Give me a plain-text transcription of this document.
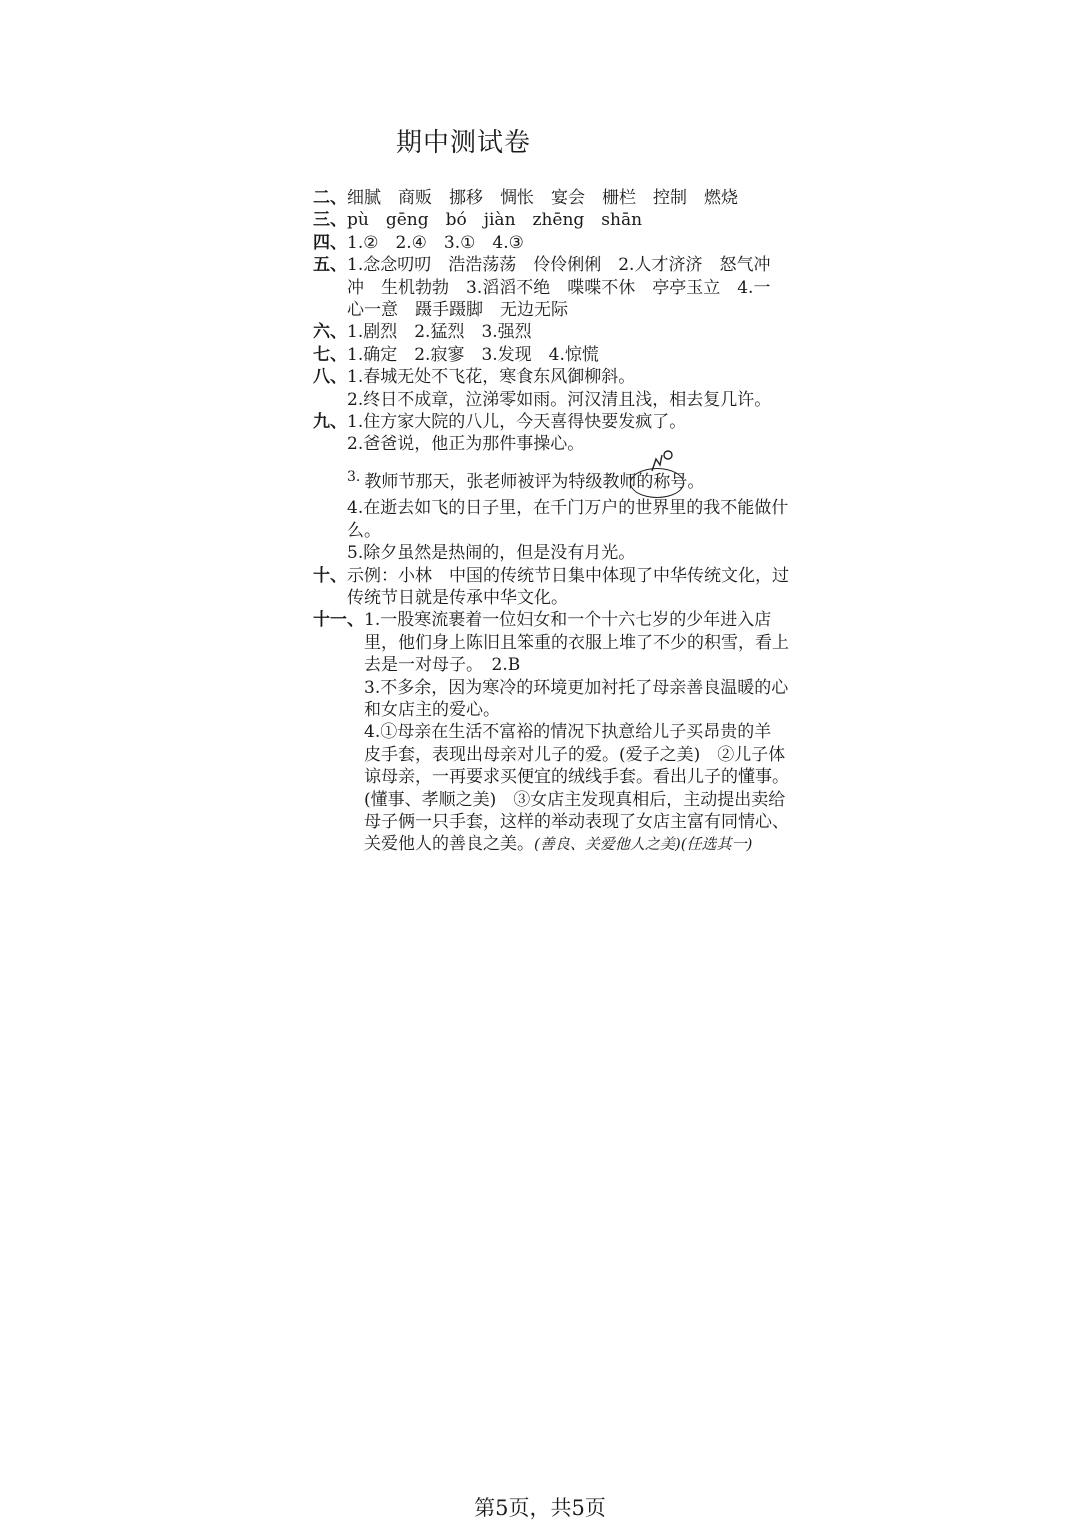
期中测试卷
二、 细腻　商贩　挪移　惆怅　宴会　栅栏　控制　燃烧
三、 pù　gēng　bó　jiàn　zhēng　shān
四、 1.②　2.④　3.①　4.③
五、 1.念念叨叨　浩浩荡荡　伶伶俐俐　2.人才济济　怒气冲
冲　生机勃勃　3.滔滔不绝　喋喋不休　亭亭玉立　4.一
心一意　蹑手蹑脚　无边无际
六、 1.剧烈　2.猛烈　3.强烈
七、 1.确定　2.寂寥　3.发现　4.惊慌
八、 1.春城无处不飞花，寒食东风御柳斜。
2.终日不成章，泣涕零如雨。河汉清且浅，相去复几许。
九、 1.住方家大院的八儿，今天喜得快要发疯了。
2.爸爸说，他正为那件事操心。
$^{3.}$ 教师节那天，张老师被评为特级教师的
称号。
4.在逝去如飞的日子里，在千门万户的世界里的我不能做什
么。
5.除夕虽然是热闹的，但是没有月光。
十、 示例：小林　中国的传统节日集中体现了中华传统文化，过
传统节日就是传承中华文化。
十一、 1.一股寒流裹着一位妇女和一个十六七岁的少年进入店
里，他们身上陈旧且笨重的衣服上堆了不少的积雪，看上
去是一对母子。　2.B
3.不多余，因为寒冷的环境更加衬托了母亲善良温暖的心
和女店主的爱心。
4.①母亲在生活不富裕的情况下执意给儿子买昂贵的羊
皮手套，表现出母亲对儿子的爱。(爱子之美)　②儿子体
谅母亲，一再要求买便宜的绒线手套。看出儿子的懂事。
(懂事、孝顺之美)　③女店主发现真相后，主动提出卖给
母子俩一只手套，这样的举动表现了女店主富有同情心、
关爱他人的善良之美。(善良、关爱他人之美)(任选其一)
第5页，共5页
